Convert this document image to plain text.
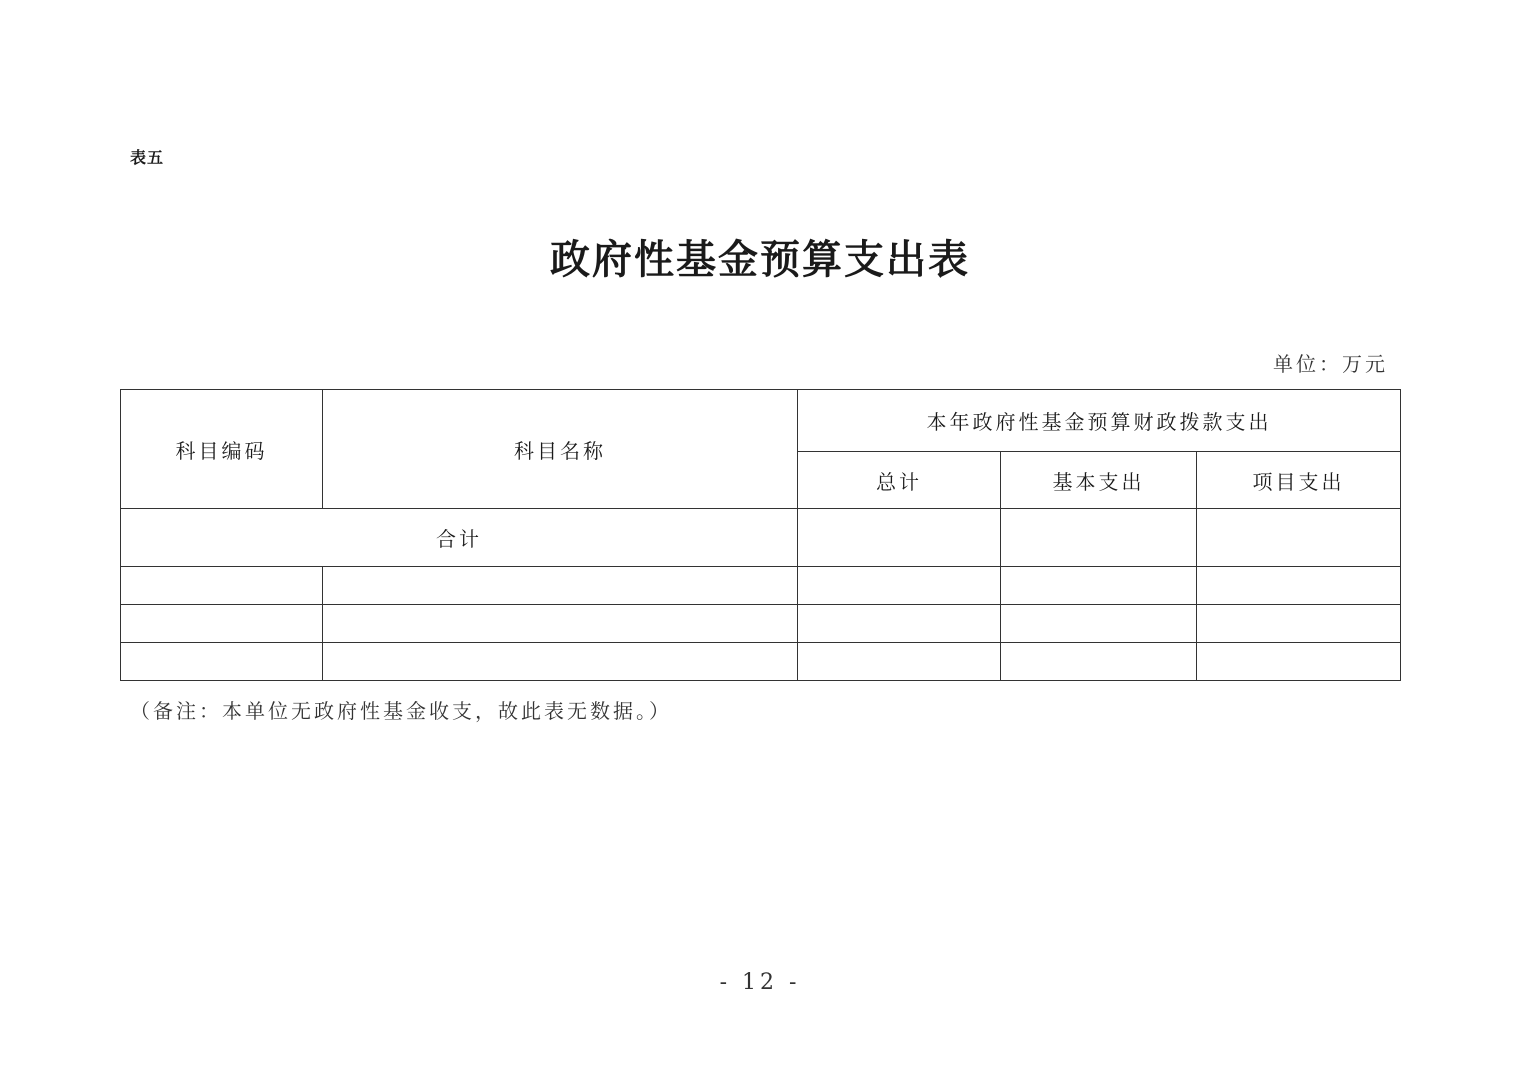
表五
政府性基金预算支出表
单位：万元
科目编码	科目名称	本年政府性基金预算财政拨款支出		
		总计	基本支出	项目支出
合计				

（备注：本单位无政府性基金收支，故此表无数据。）
- 12 -
